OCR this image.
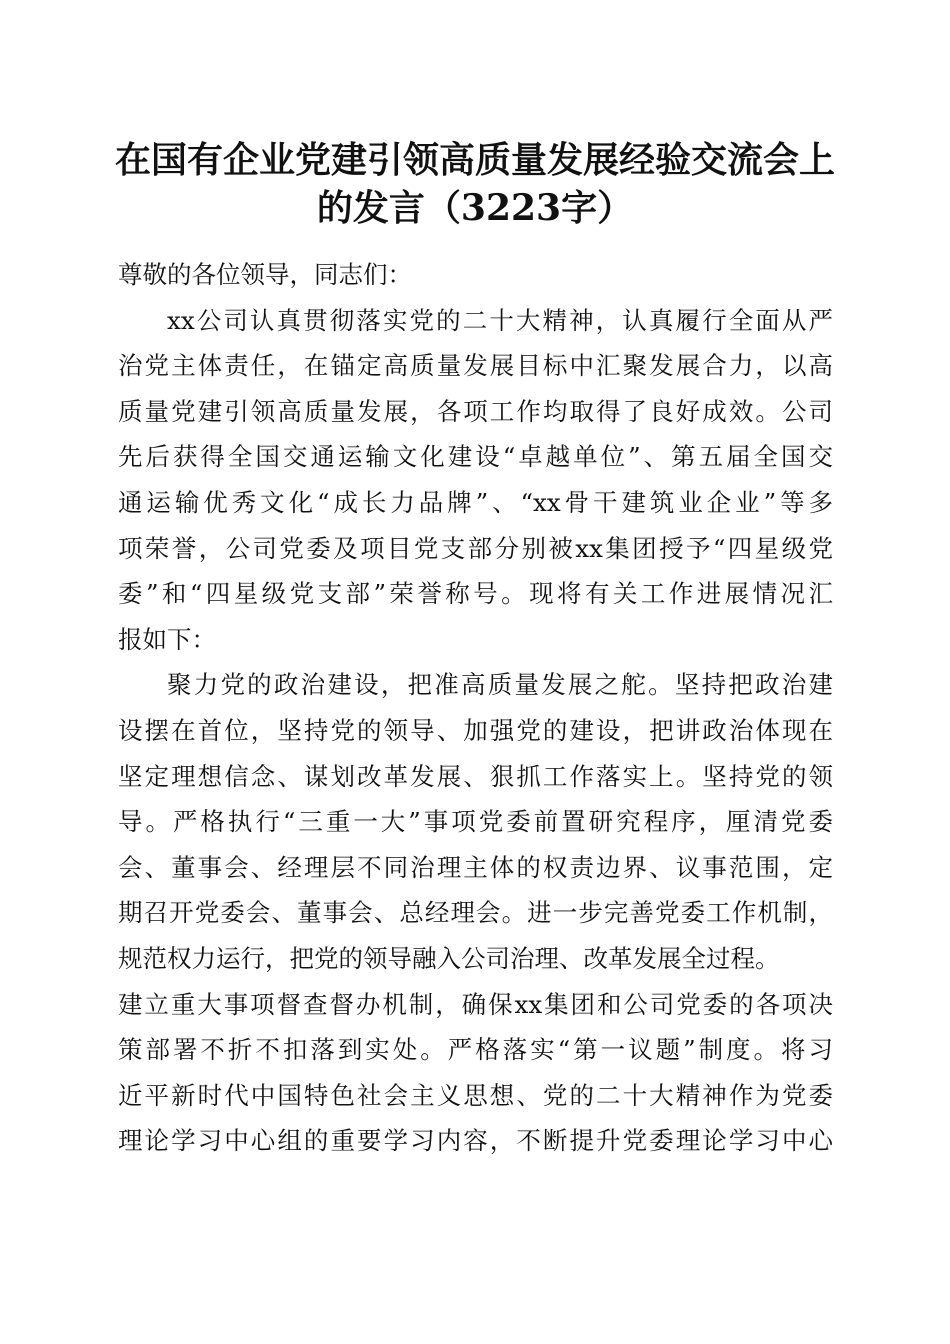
在国有企业党建引领高质量发展经验交流会上
的发言（3223字）
尊敬的各位领导，同志们：
xx公司认真贯彻落实党的二十大精神，认真履行全面从严
治党主体责任，在锚定高质量发展目标中汇聚发展合力，以高
质量党建引领高质量发展，各项工作均取得了良好成效。公司
先后获得全国交通运输文化建设“卓越单位”、第五届全国交
通运输优秀文化“成长力品牌”、“xx骨干建筑业企业”等多
项荣誉，公司党委及项目党支部分别被xx集团授予“四星级党
委”和“四星级党支部”荣誉称号。现将有关工作进展情况汇
报如下：
聚力党的政治建设，把准高质量发展之舵。坚持把政治建
设摆在首位，坚持党的领导、加强党的建设，把讲政治体现在
坚定理想信念、谋划改革发展、狠抓工作落实上。坚持党的领
导。严格执行“三重一大”事项党委前置研究程序，厘清党委
会、董事会、经理层不同治理主体的权责边界、议事范围，定
期召开党委会、董事会、总经理会。进一步完善党委工作机制，
规范权力运行，把党的领导融入公司治理、改革发展全过程。
建立重大事项督查督办机制，确保xx集团和公司党委的各项决
策部署不折不扣落到实处。严格落实“第一议题”制度。将习
近平新时代中国特色社会主义思想、党的二十大精神作为党委
理论学习中心组的重要学习内容，不断提升党委理论学习中心
